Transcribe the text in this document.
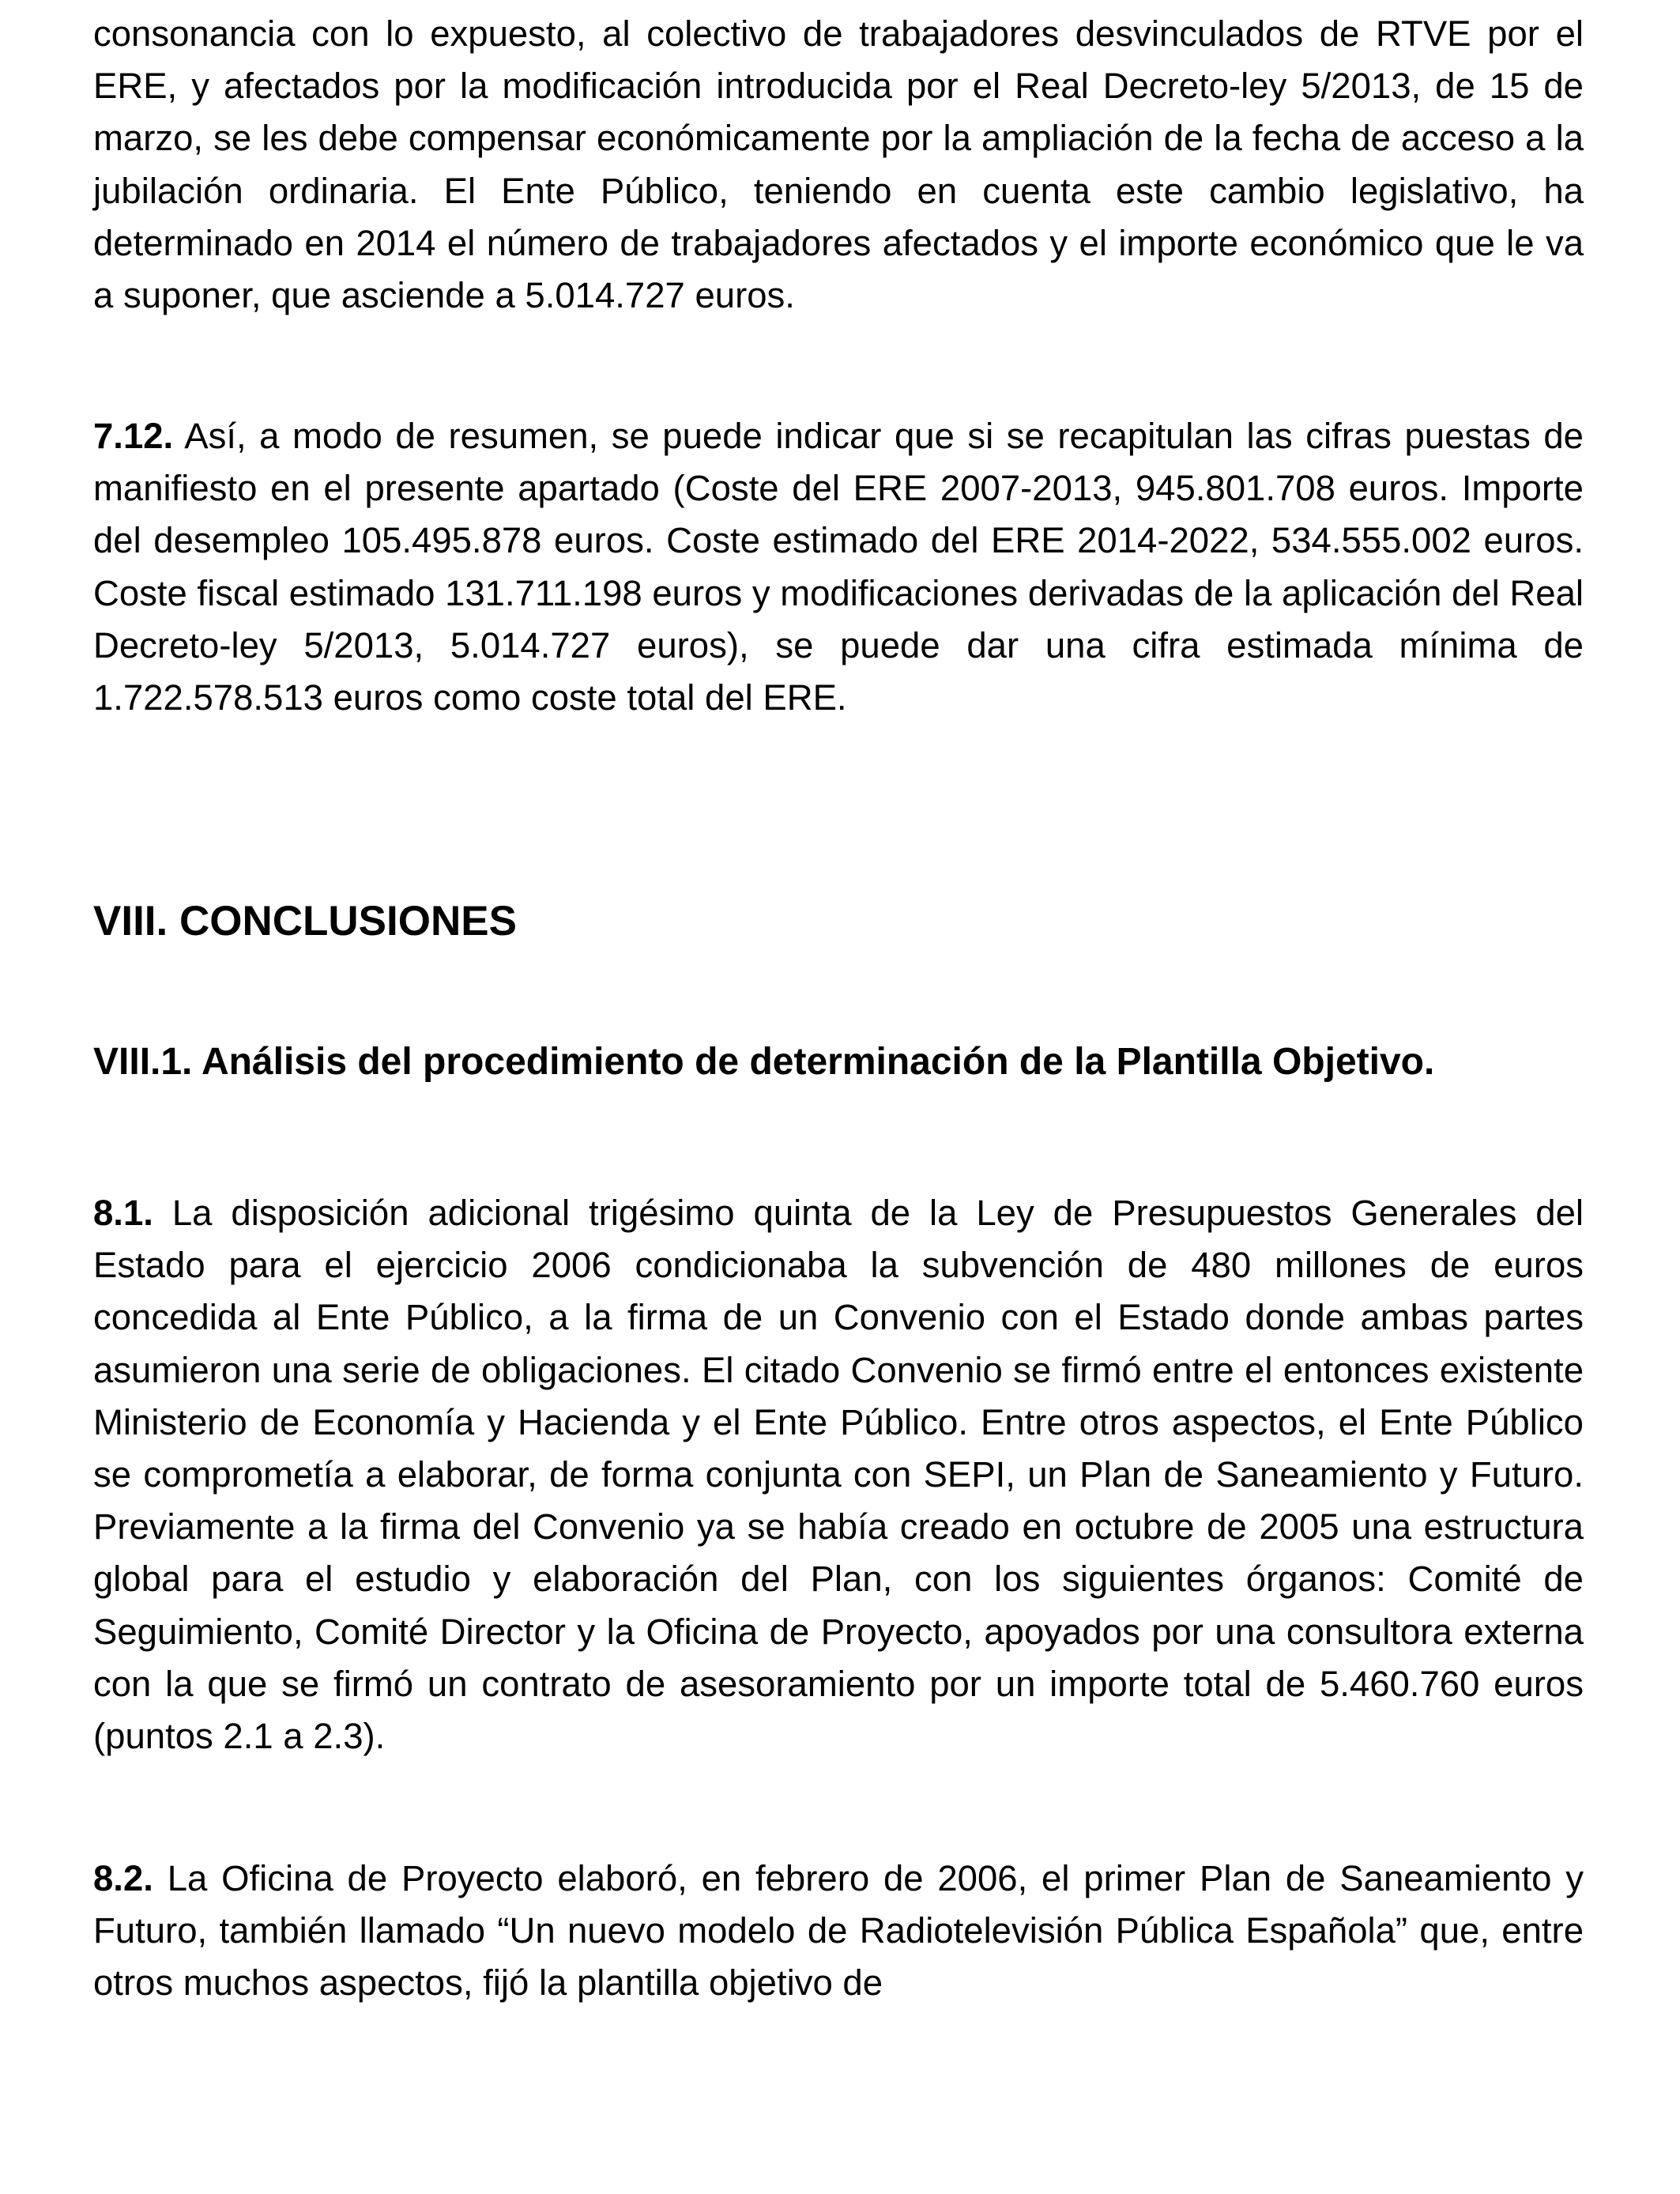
consonancia con lo expuesto, al colectivo de trabajadores desvinculados de RTVE por el ERE, y afectados por la modificación introducida por el Real Decreto-ley 5/2013, de 15 de marzo, se les debe compensar económicamente por la ampliación de la fecha de acceso a la jubilación ordinaria. El Ente Público, teniendo en cuenta este cambio legislativo, ha determinado en 2014 el número de trabajadores afectados y el importe económico que le va a suponer, que asciende a 5.014.727 euros.

7.12. Así, a modo de resumen, se puede indicar que si se recapitulan las cifras puestas de manifiesto en el presente apartado (Coste del ERE 2007-2013, 945.801.708 euros. Importe del desempleo 105.495.878 euros. Coste estimado del ERE 2014-2022, 534.555.002 euros. Coste fiscal estimado 131.711.198 euros y modificaciones derivadas de la aplicación del Real Decreto-ley 5/2013, 5.014.727 euros), se puede dar una cifra estimada mínima de 1.722.578.513 euros como coste total del ERE.

VIII. CONCLUSIONES
VIII.1. Análisis del procedimiento de determinación de la Plantilla Objetivo.

8.1. La disposición adicional trigésimo quinta de la Ley de Presupuestos Generales del Estado para el ejercicio 2006 condicionaba la subvención de 480 millones de euros concedida al Ente Público, a la firma de un Convenio con el Estado donde ambas partes asumieron una serie de obligaciones. El citado Convenio se firmó entre el entonces existente Ministerio de Economía y Hacienda y el Ente Público. Entre otros aspectos, el Ente Público se comprometía a elaborar, de forma conjunta con SEPI, un Plan de Saneamiento y Futuro. Previamente a la firma del Convenio ya se había creado en octubre de 2005 una estructura global para el estudio y elaboración del Plan, con los siguientes órganos: Comité de Seguimiento, Comité Director y la Oficina de Proyecto, apoyados por una consultora externa con la que se firmó un contrato de asesoramiento por un importe total de 5.460.760 euros (puntos 2.1 a 2.3).

8.2. La Oficina de Proyecto elaboró, en febrero de 2006, el primer Plan de Saneamiento y Futuro, también llamado “Un nuevo modelo de Radiotelevisión Pública Española” que, entre otros muchos aspectos, fijó la plantilla objetivo de
